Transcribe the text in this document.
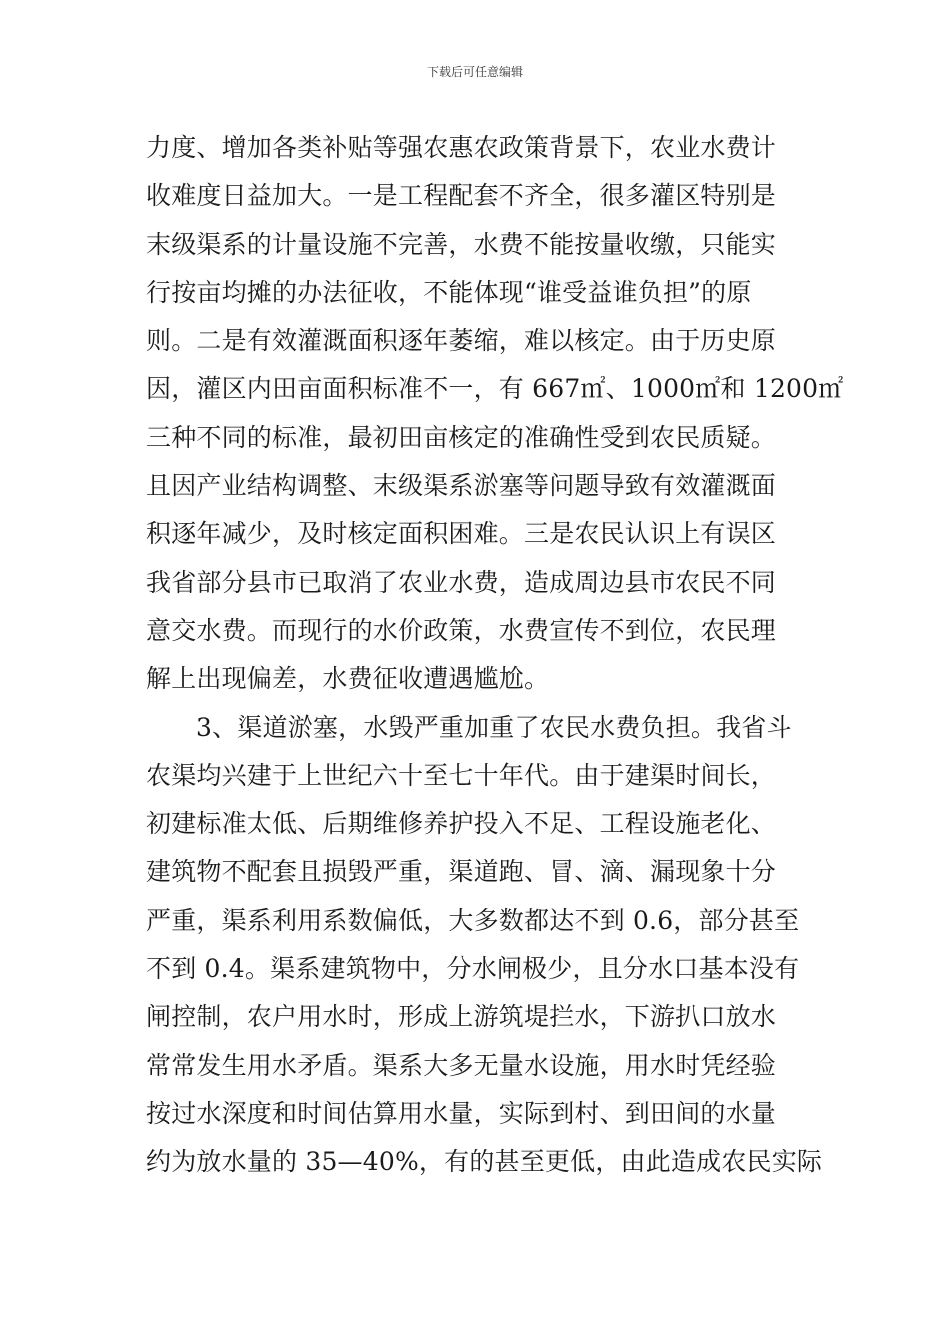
下载后可任意编辑
力度、增加各类补贴等强农惠农政策背景下，农业水费计
收难度日益加大。一是工程配套不齐全，很多灌区特别是
末级渠系的计量设施不完善，水费不能按量收缴，只能实
行按亩均摊的办法征收，不能体现“谁受益谁负担”的原
则。二是有效灌溉面积逐年萎缩，难以核定。由于历史原
因，灌区内田亩面积标准不一，有 667㎡、1000㎡和 1200㎡
三种不同的标准，最初田亩核定的准确性受到农民质疑。
且因产业结构调整、末级渠系淤塞等问题导致有效灌溉面
积逐年减少，及时核定面积困难。三是农民认识上有误区
我省部分县市已取消了农业水费，造成周边县市农民不同
意交水费。而现行的水价政策，水费宣传不到位，农民理
解上出现偏差，水费征收遭遇尴尬。
3、渠道淤塞，水毁严重加重了农民水费负担。我省斗
农渠均兴建于上世纪六十至七十年代。由于建渠时间长，
初建标准太低、后期维修养护投入不足、工程设施老化、
建筑物不配套且损毁严重，渠道跑、冒、滴、漏现象十分
严重，渠系利用系数偏低，大多数都达不到 0.6，部分甚至
不到 0.4。渠系建筑物中，分水闸极少，且分水口基本没有
闸控制，农户用水时，形成上游筑堤拦水，下游扒口放水
常常发生用水矛盾。渠系大多无量水设施，用水时凭经验
按过水深度和时间估算用水量，实际到村、到田间的水量
约为放水量的 35—40%，有的甚至更低，由此造成农民实际
